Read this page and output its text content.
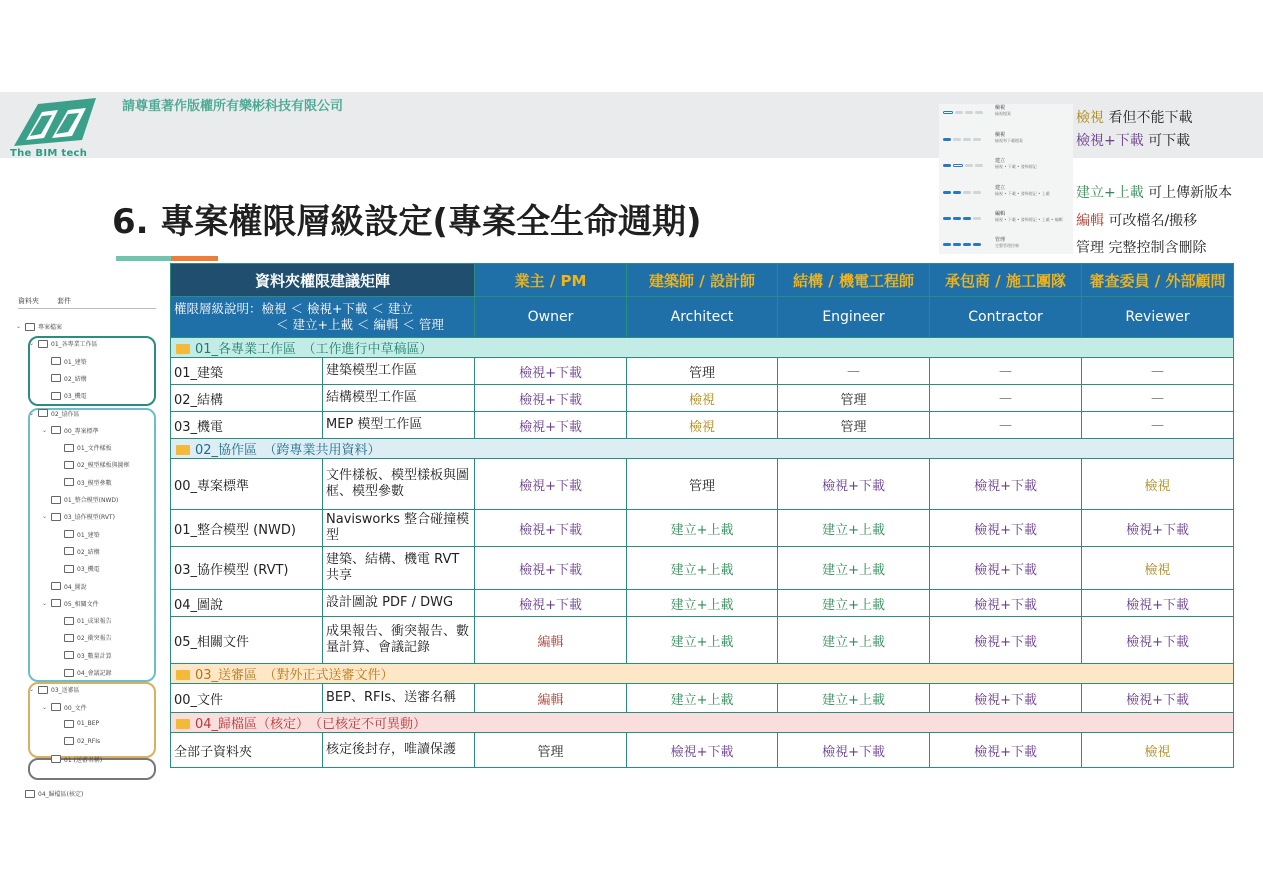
The BIM tech
請尊重著作版權所有樂彬科技有限公司
6. 專案權限層級設定(專案全生命週期)
檢視
檢視檔案
檢視
檢視和下載檔案
建立
檢視 • 下載 • 發佈標記
建立
檢視 • 下載 • 發佈標記 • 上載
編輯
檢視 • 下載 • 發佈標記 • 上載 • 編輯
管理
完整管理控制
檢視 看但不能下載
檢視+下載 可下載
建立+上載 可上傳新版本
編輯 可改檔名/搬移
管理 完整控制含刪除
資料夾	套件
⌄	專案檔案
⌄	01_各專業工作區
01_建築
02_結構
03_機電
⌄	02_協作區
⌄	00_專案標準
01_文件樣板
02_模型樣板與圖框
03_模型參數
01_整合模型(NWD)
⌄	03_協作模型(RVT)
01_建築
02_結構
03_機電
04_圖說
⌄	05_相關文件
01_成果報告
02_衝突報告
03_數量計算
04_會議記錄
⌄	03_送審區
⌄	00_文件
01_BEP
02_RFIs
01 (送審名稱)
04_歸檔區(核定)
資料夾權限建議矩陣		業主 / PM	建築師 / 設計師	結構 / 機電工程師	承包商 / 施工團隊	審查委員 / 外部顧問

權限層級說明：檢視 ＜ 檢視+下載 ＜ 建立
＜ 建立+上載 ＜ 編輯 ＜ 管理		Owner	Architect	Engineer	Contractor	Reviewer
01_各專業工作區　（工作進行中草稿區）						
01_建築	建築模型工作區	檢視+下載	管理	—	—	—
02_結構	結構模型工作區	檢視+下載	檢視	管理	—	—
03_機電	MEP 模型工作區	檢視+下載	檢視	管理	—	—
02_協作區　（跨專業共用資料）						
00_專案標準	文件樣板、模型樣板與圖框、模型參數	檢視+下載	管理	檢視+下載	檢視+下載	檢視
01_整合模型 (NWD)	Navisworks 整合碰撞模型	檢視+下載	建立+上載	建立+上載	檢視+下載	檢視+下載
03_協作模型 (RVT)	建築、結構、機電 RVT 共享	檢視+下載	建立+上載	建立+上載	檢視+下載	檢視
04_圖說	設計圖說 PDF / DWG	檢視+下載	建立+上載	建立+上載	檢視+下載	檢視+下載
05_相關文件	成果報告、衝突報告、數量計算、會議記錄	編輯	建立+上載	建立+上載	檢視+下載	檢視+下載
03_送審區　（對外正式送審文件）						
00_文件	BEP、RFIs、送審名稱	編輯	建立+上載	建立+上載	檢視+下載	檢視+下載
04_歸檔區（核定）　（已核定不可異動）						
全部子資料夾	核定後封存，唯讀保護	管理	檢視+下載	檢視+下載	檢視+下載	檢視
